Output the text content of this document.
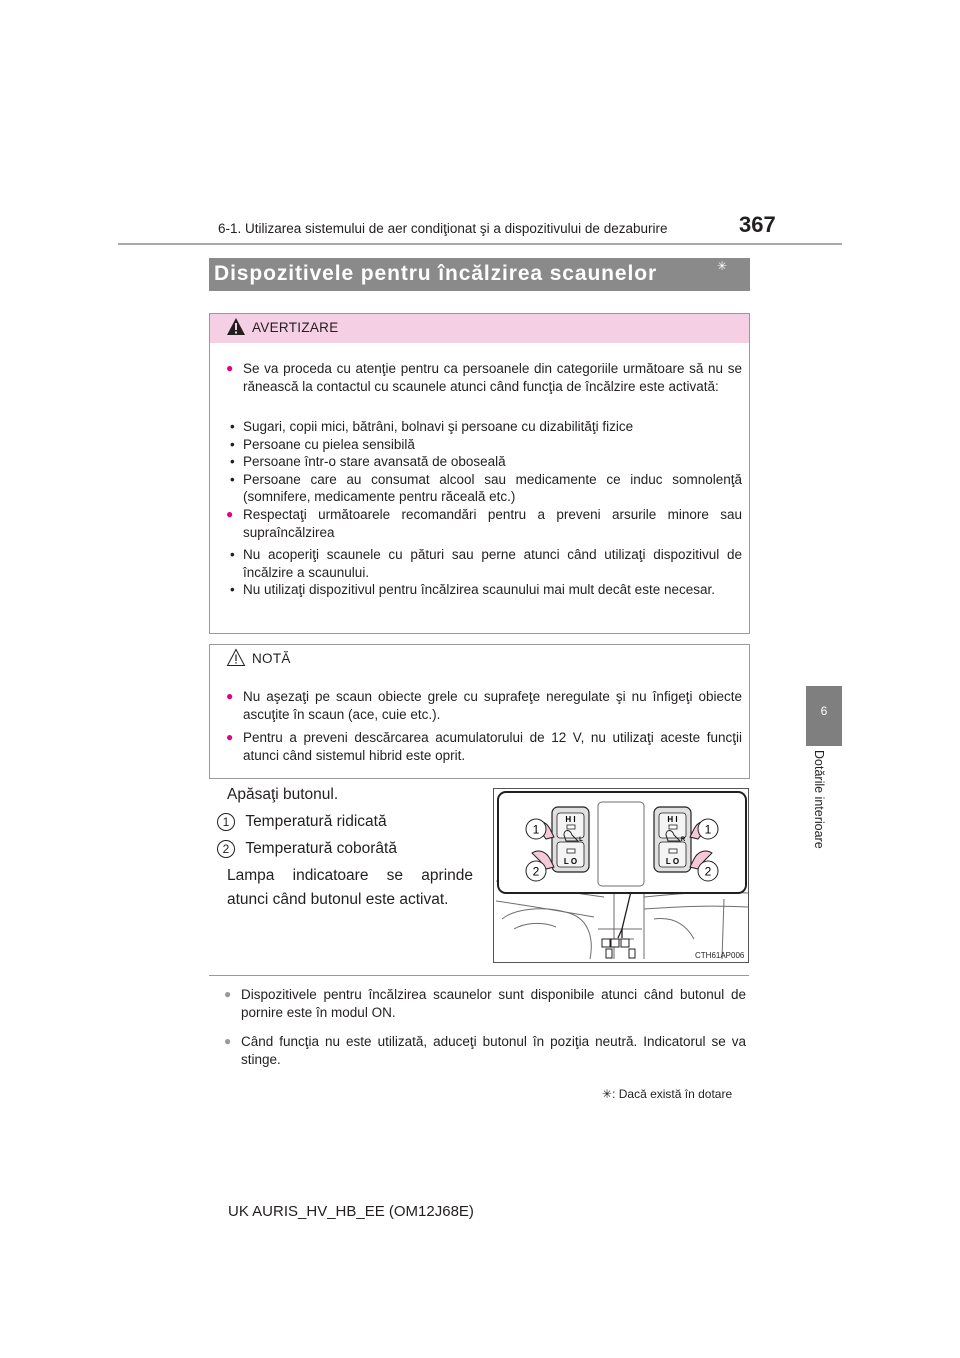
6-1. Utilizarea sistemului de aer condiţionat şi a dispozitivului de dezaburire	367
6
Dotările interioare
Dispozitivele pentru încălzirea scaunelor	✳
AVERTIZARE
● Se va proceda cu atenţie pentru ca persoanele din categoriile următoare să nu se rănească la contactul cu scaunele atunci când funcţia de încălzire este activată:
• Sugari, copii mici, bătrâni, bolnavi şi persoane cu dizabilităţi fizice
• Persoane cu pielea sensibilă
• Persoane într-o stare avansată de oboseală
• Persoane care au consumat alcool sau medicamente ce induc somnolenţă (somnifere, medicamente pentru răceală etc.)
● Respectaţi următoarele recomandări pentru a preveni arsurile minore sau supraîncălzirea
• Nu acoperiţi scaunele cu pături sau perne atunci când utilizaţi dispozitivul de încălzire a scaunului.
• Nu utilizaţi dispozitivul pentru încălzirea scaunului mai mult decât este necesar.
NOTĂ
● Nu aşezaţi pe scaun obiecte grele cu suprafeţe neregulate şi nu înfigeţi obiecte ascuţite în scaun (ace, cuie etc.).
● Pentru a preveni descărcarea acumulatorului de 12 V, nu utilizaţi aceste funcţii atunci când sistemul hibrid este oprit.
Apăsaţi butonul.
1 Temperatură ridicată
2 Temperatură coborâtă
Lampa indicatoare se aprinde atunci când butonul este activat.
H I
L O
L
H I
L O
R
1
2
1
2
CTH61AP006
● Dispozitivele pentru încălzirea scaunelor sunt disponibile atunci când butonul de pornire este în modul ON.
● Când funcţia nu este utilizată, aduceţi butonul în poziţia neutră. Indicatorul se va stinge.
✳: Dacă există în dotare
UK AURIS_HV_HB_EE (OM12J68E)
